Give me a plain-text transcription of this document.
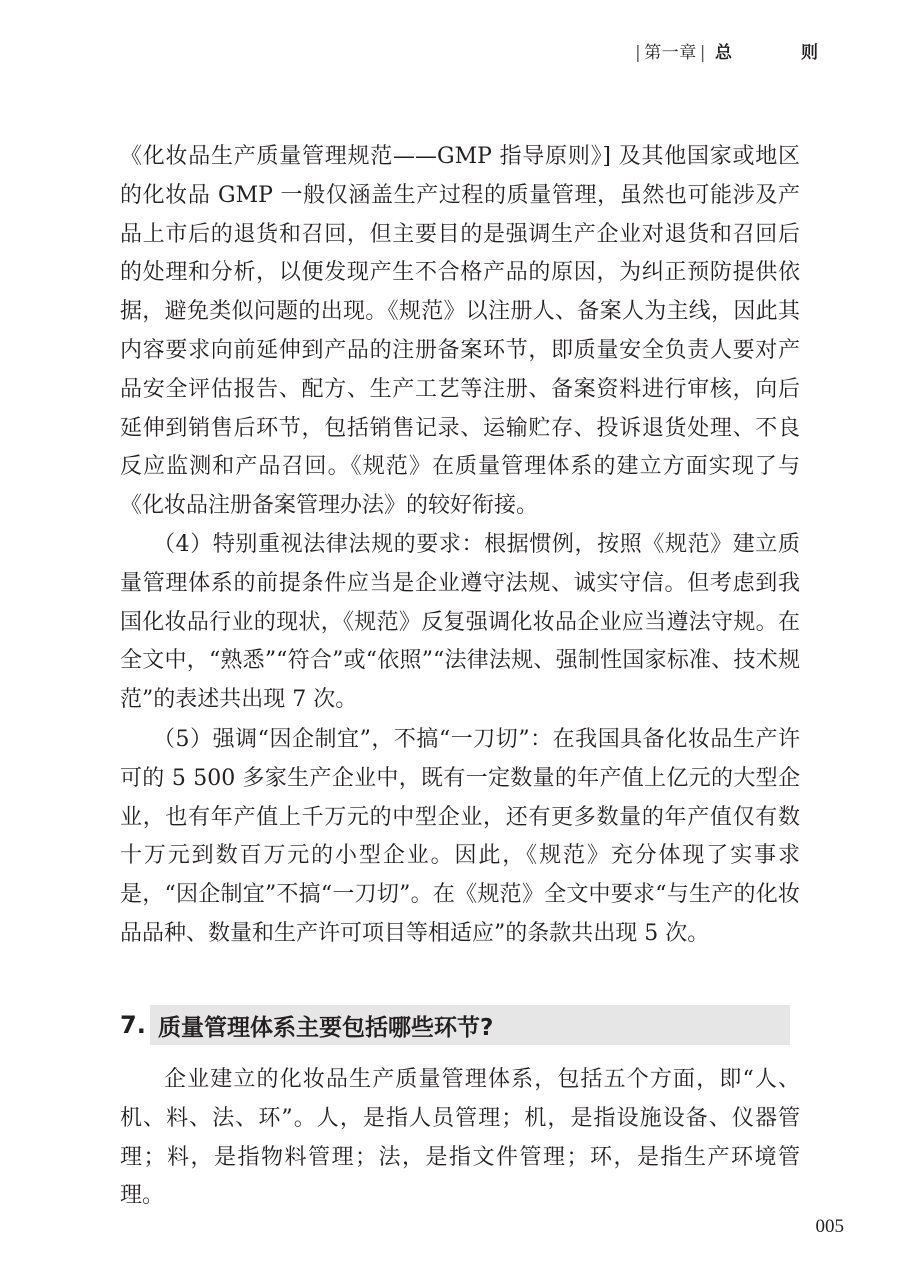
| 第一章 | 总　则

《化妆品生产质量管理规范——GMP 指导原则》] 及其他国家或地区的化妆品 GMP 一般仅涵盖生产过程的质量管理，虽然也可能涉及产品上市后的退货和召回，但主要目的是强调生产企业对退货和召回后的处理和分析，以便发现产生不合格产品的原因，为纠正预防提供依据，避免类似问题的出现。《规范》以注册人、备案人为主线，因此其内容要求向前延伸到产品的注册备案环节，即质量安全负责人要对产品安全评估报告、配方、生产工艺等注册、备案资料进行审核，向后延伸到销售后环节，包括销售记录、运输贮存、投诉退货处理、不良反应监测和产品召回。《规范》在质量管理体系的建立方面实现了与《化妆品注册备案管理办法》的较好衔接。

（4）特别重视法律法规的要求：根据惯例，按照《规范》建立质量管理体系的前提条件应当是企业遵守法规、诚实守信。但考虑到我国化妆品行业的现状，《规范》反复强调化妆品企业应当遵法守规。在全文中，“熟悉”“符合”或“依照”“法律法规、强制性国家标准、技术规范”的表述共出现 7 次。

（5）强调“因企制宜”，不搞“一刀切”：在我国具备化妆品生产许可的 5 500 多家生产企业中，既有一定数量的年产值上亿元的大型企业，也有年产值上千万元的中型企业，还有更多数量的年产值仅有数十万元到数百万元的小型企业。因此，《规范》充分体现了实事求是，“因企制宜”不搞“一刀切”。在《规范》全文中要求“与生产的化妆品品种、数量和生产许可项目等相适应”的条款共出现 5 次。

7. 质量管理体系主要包括哪些环节?

企业建立的化妆品生产质量管理体系，包括五个方面，即“人、机、料、法、环”。人，是指人员管理；机，是指设施设备、仪器管理；料，是指物料管理；法，是指文件管理；环，是指生产环境管理。

005
